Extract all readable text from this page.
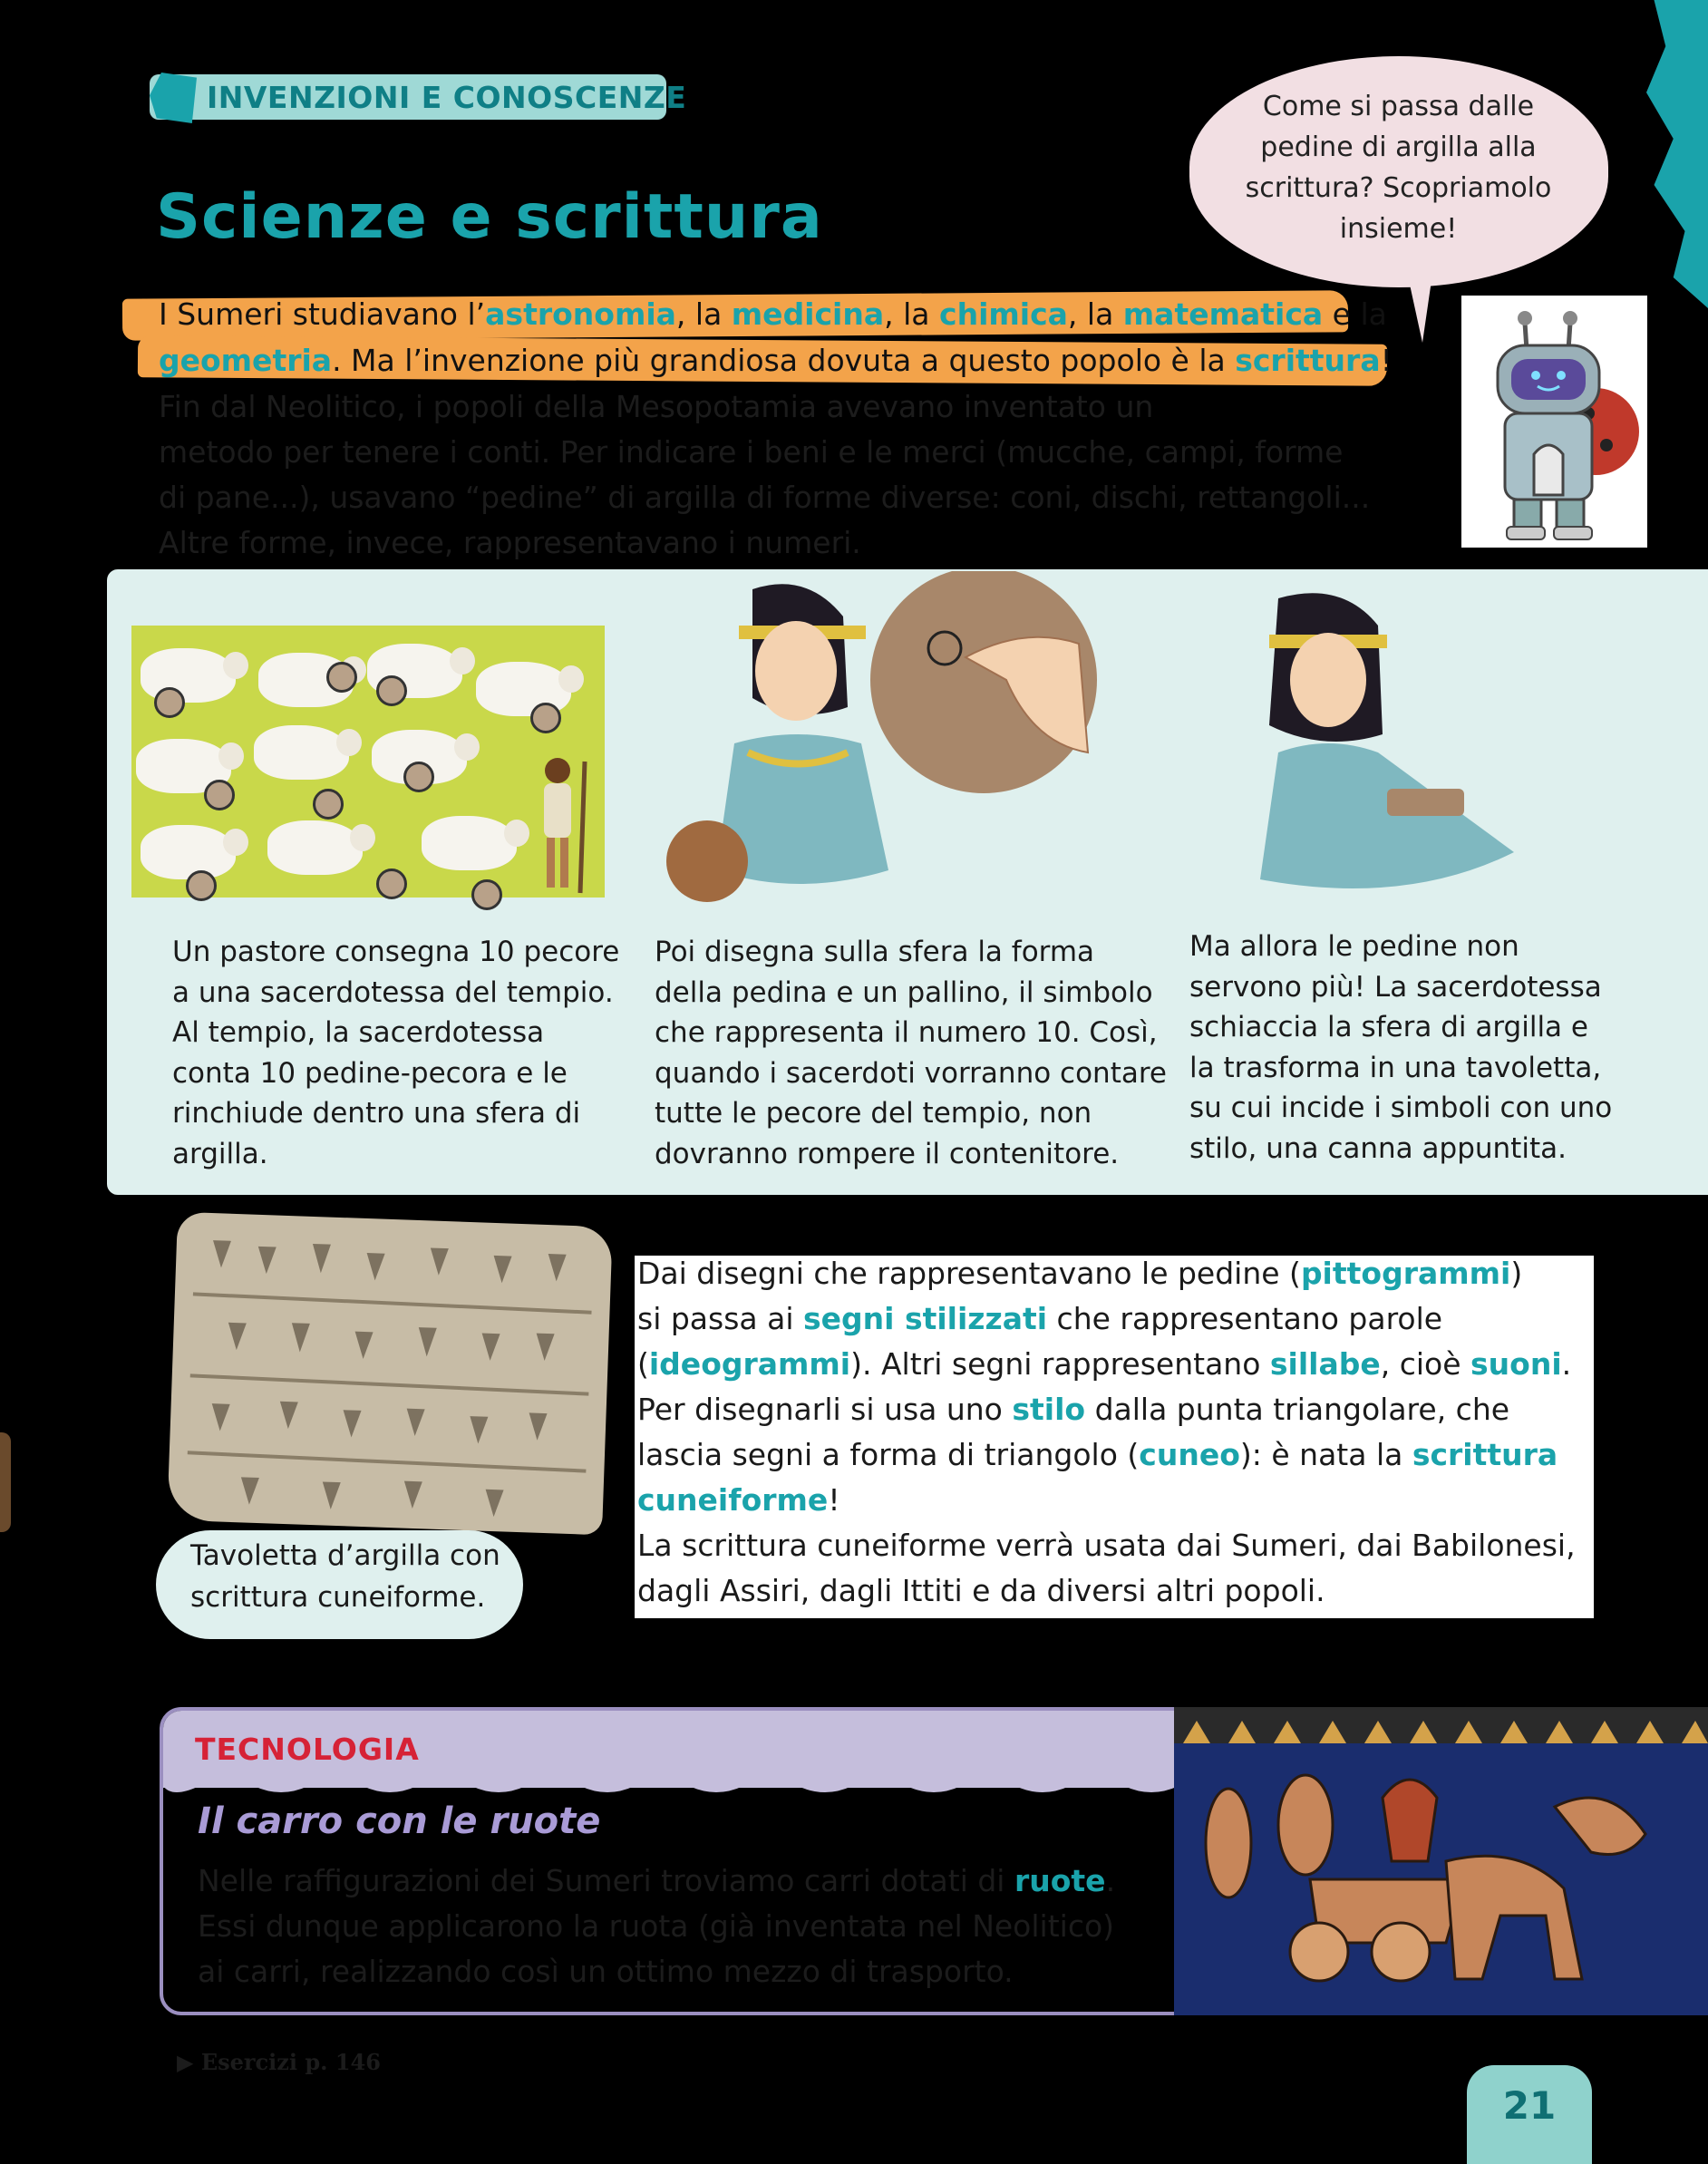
INVENZIONI E CONOSCENZE
Scienze e scrittura
Come si passa dalle
pedine di argilla alla
scrittura? Scopriamolo
insieme!
I Sumeri studiavano l’astronomia, la medicina, la chimica, la matematica e la
geometria. Ma l’invenzione più grandiosa dovuta a questo popolo è la scrittura!
Fin dal Neolitico, i popoli della Mesopotamia avevano inventato un
metodo per tenere i conti. Per indicare i beni e le merci (mucche, campi, forme
di pane...), usavano “pedine” di argilla di forme diverse: coni, dischi, rettangoli...
Altre forme, invece, rappresentavano i numeri.
Un pastore consegna 10 pecore
a una sacerdotessa del tempio.
Al tempio, la sacerdotessa
conta 10 pedine-pecora e le
rinchiude dentro una sfera di
argilla.
Poi disegna sulla sfera la forma
della pedina e un pallino, il simbolo
che rappresenta il numero 10. Così,
quando i sacerdoti vorranno contare
tutte le pecore del tempio, non
dovranno rompere il contenitore.
Ma allora le pedine non
servono più! La sacerdotessa
schiaccia la sfera di argilla e
la trasforma in una tavoletta,
su cui incide i simboli con uno
stilo, una canna appuntita.
Tavoletta d’argilla con
scrittura cuneiforme.
Dai disegni che rappresentavano le pedine (pittogrammi)
si passa ai segni stilizzati che rappresentano parole
(ideogrammi). Altri segni rappresentano sillabe, cioè suoni.
Per disegnarli si usa uno stilo dalla punta triangolare, che
lascia segni a forma di triangolo (cuneo): è nata la scrittura
cuneiforme!
La scrittura cuneiforme verrà usata dai Sumeri, dai Babilonesi,
dagli Assiri, dagli Ittiti e da diversi altri popoli.
TECNOLOGIA
Il carro con le ruote
Nelle raffigurazioni dei Sumeri troviamo carri dotati di ruote.
Essi dunque applicarono la ruota (già inventata nel Neolitico)
ai carri, realizzando così un ottimo mezzo di trasporto.
▶ Esercizi p. 146
21
